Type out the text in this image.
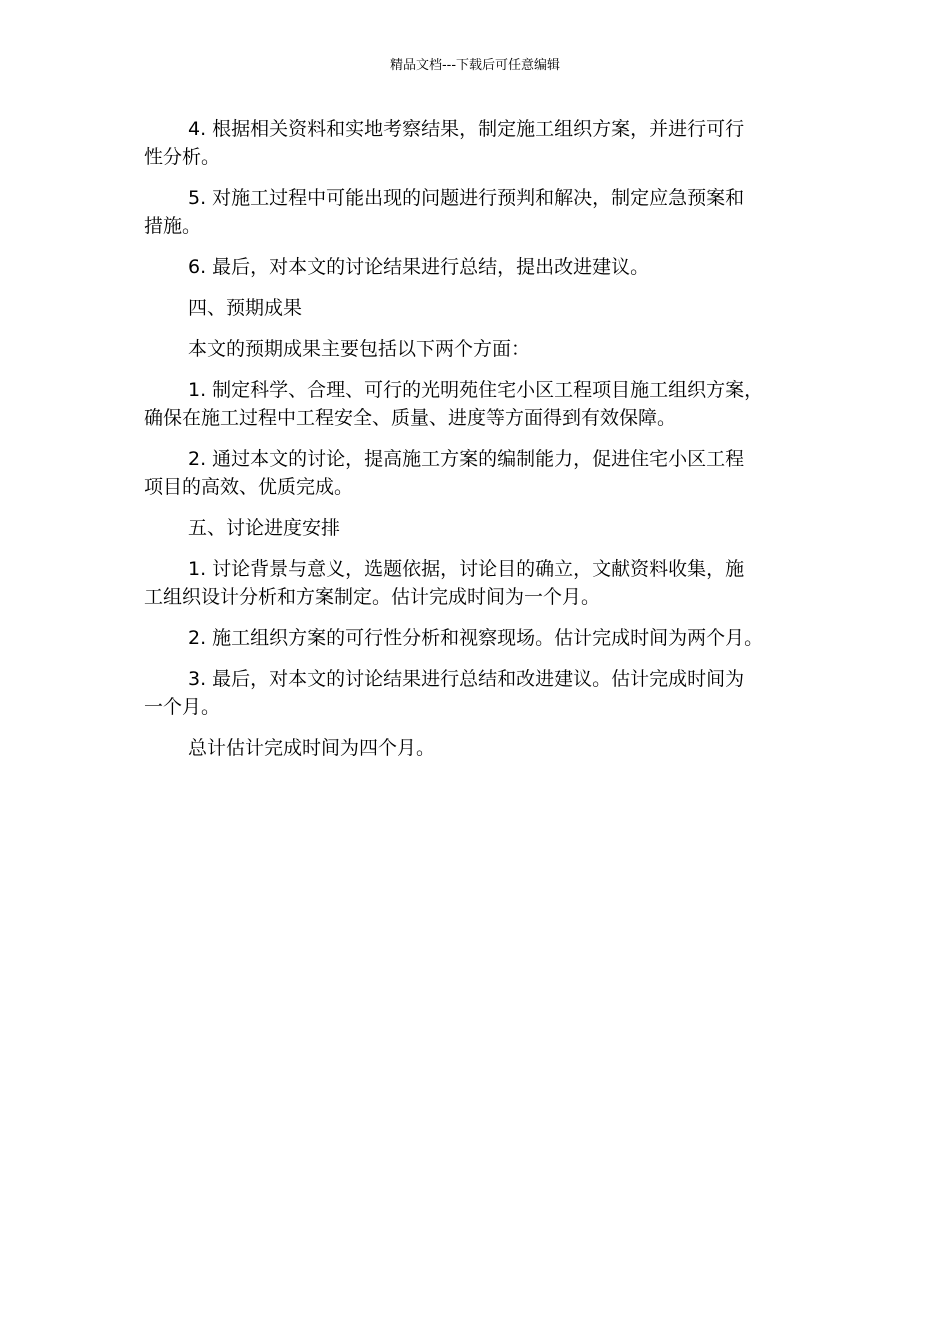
精品文档---下载后可任意编辑

4. 根据相关资料和实地考察结果，制定施工组织方案，并进行可行
性分析。

5. 对施工过程中可能出现的问题进行预判和解决，制定应急预案和
措施。

6. 最后，对本文的讨论结果进行总结，提出改进建议。

四、预期成果

本文的预期成果主要包括以下两个方面：

1. 制定科学、合理、可行的光明苑住宅小区工程项目施工组织方案，
确保在施工过程中工程安全、质量、进度等方面得到有效保障。

2. 通过本文的讨论，提高施工方案的编制能力，促进住宅小区工程
项目的高效、优质完成。

五、讨论进度安排

1. 讨论背景与意义，选题依据，讨论目的确立，文献资料收集，施
工组织设计分析和方案制定。估计完成时间为一个月。

2. 施工组织方案的可行性分析和视察现场。估计完成时间为两个月。

3. 最后，对本文的讨论结果进行总结和改进建议。估计完成时间为
一个月。

总计估计完成时间为四个月。
